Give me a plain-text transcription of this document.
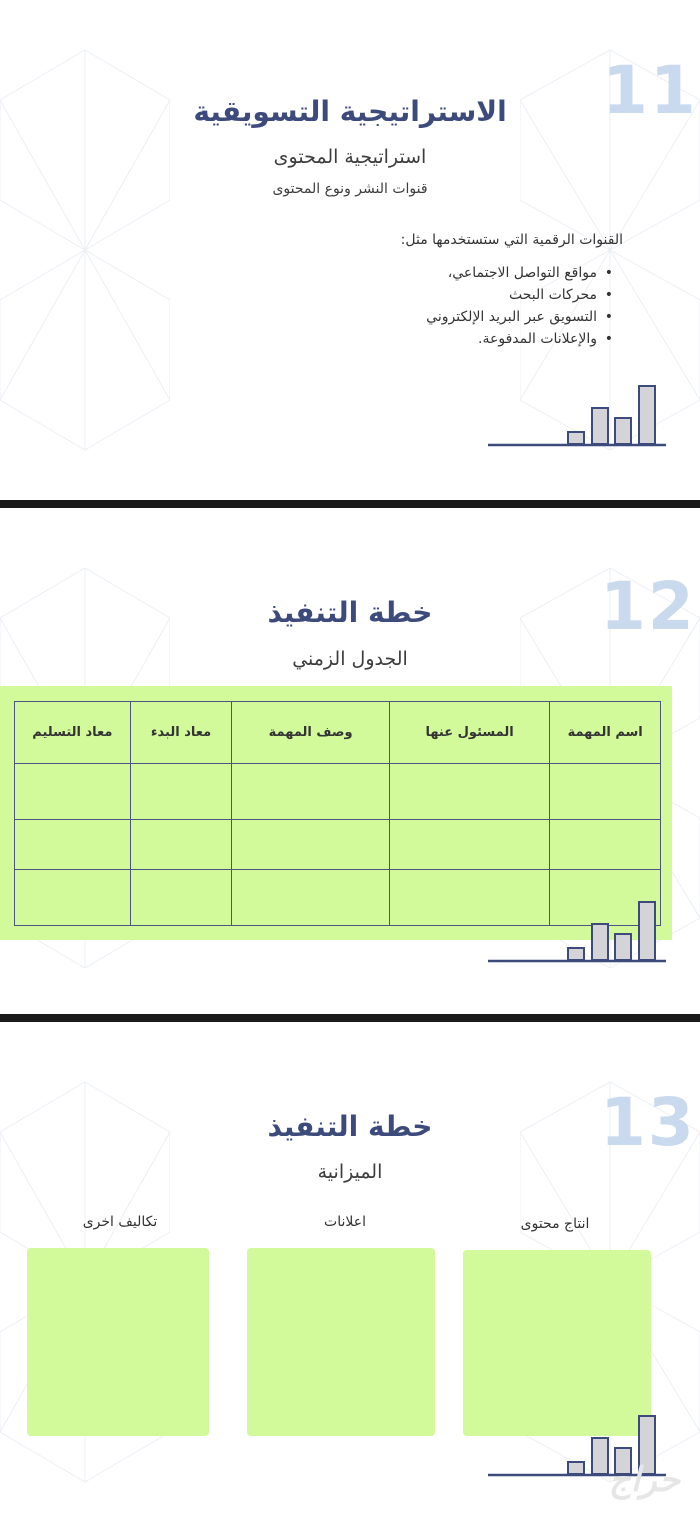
11
الاستراتيجية التسويقية
استراتيجية المحتوى
قنوات النشر ونوع المحتوى
القنوات الرقمية التي ستستخدمها مثل:
• مواقع التواصل الاجتماعي،
• محركات البحث
• التسويق عبر البريد الإلكتروني
• والإعلانات المدفوعة.
12
خطة التنفيذ
الجدول الزمني
اسم المهمة	المسئول عنها	وصف المهمة	معاد البدء	معاد التسليم

13
خطة التنفيذ
الميزانية
انتاج محتوى
اعلانات
تكاليف اخرى
حراج
